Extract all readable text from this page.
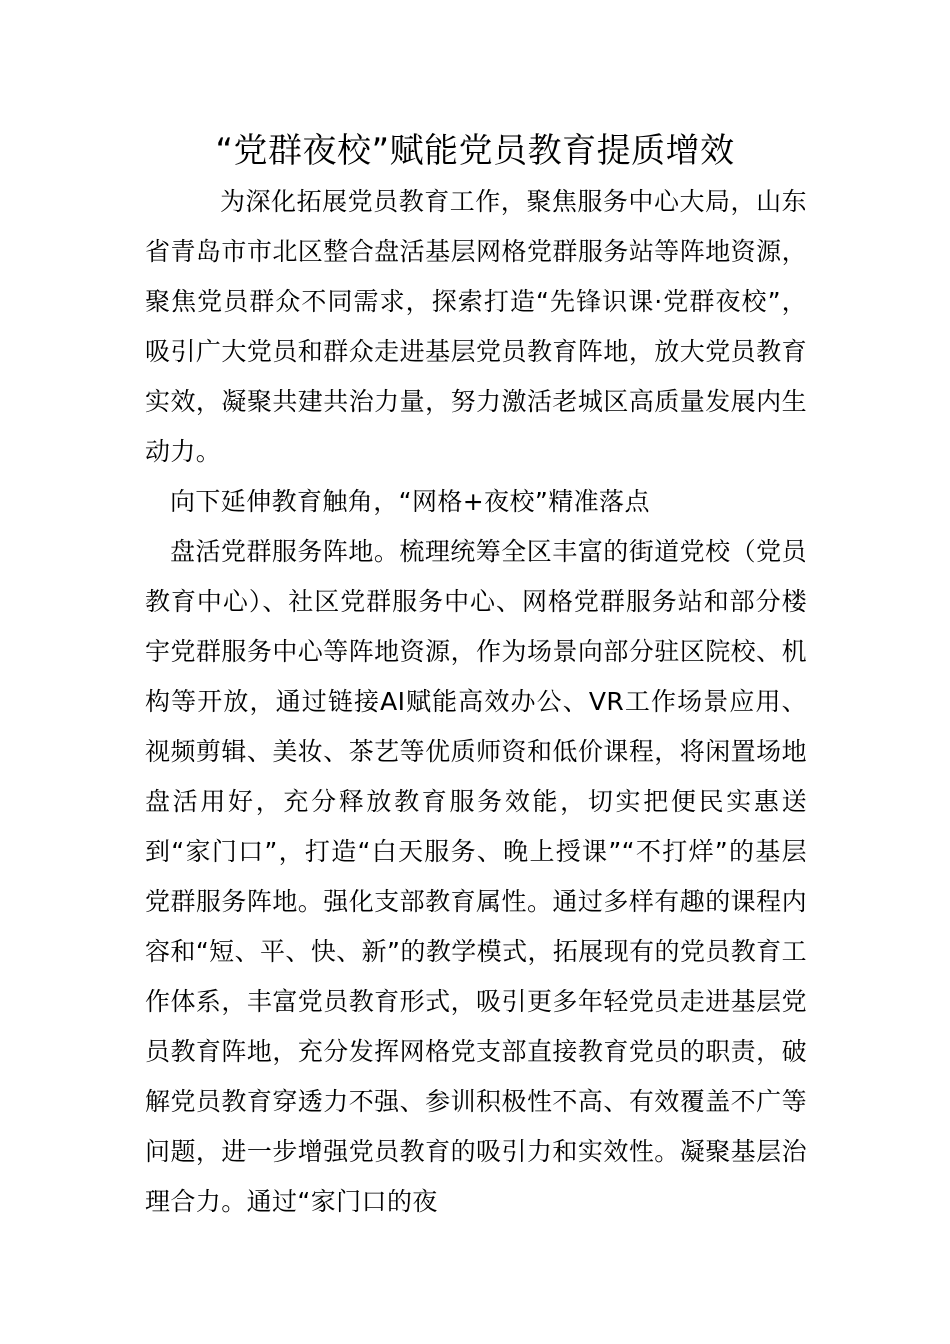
“党群夜校”赋能党员教育提质增效

为深化拓展党员教育工作，聚焦服务中心大局，山东省青岛市市北区整合盘活基层网格党群服务站等阵地资源，聚焦党员群众不同需求，探索打造“先锋识课·党群夜校”，吸引广大党员和群众走进基层党员教育阵地，放大党员教育实效，凝聚共建共治力量，努力激活老城区高质量发展内生动力。

向下延伸教育触角，“网格+夜校”精准落点

盘活党群服务阵地。梳理统筹全区丰富的街道党校（党员教育中心）、社区党群服务中心、网格党群服务站和部分楼宇党群服务中心等阵地资源，作为场景向部分驻区院校、机构等开放，通过链接AI赋能高效办公、VR工作场景应用、视频剪辑、美妆、茶艺等优质师资和低价课程，将闲置场地盘活用好，充分释放教育服务效能，切实把便民实惠送到“家门口”，打造“白天服务、晚上授课”“不打烊”的基层党群服务阵地。强化支部教育属性。通过多样有趣的课程内容和“短、平、快、新”的教学模式，拓展现有的党员教育工作体系，丰富党员教育形式，吸引更多年轻党员走进基层党员教育阵地，充分发挥网格党支部直接教育党员的职责，破解党员教育穿透力不强、参训积极性不高、有效覆盖不广等问题，进一步增强党员教育的吸引力和实效性。凝聚基层治理合力。通过“家门口的夜
